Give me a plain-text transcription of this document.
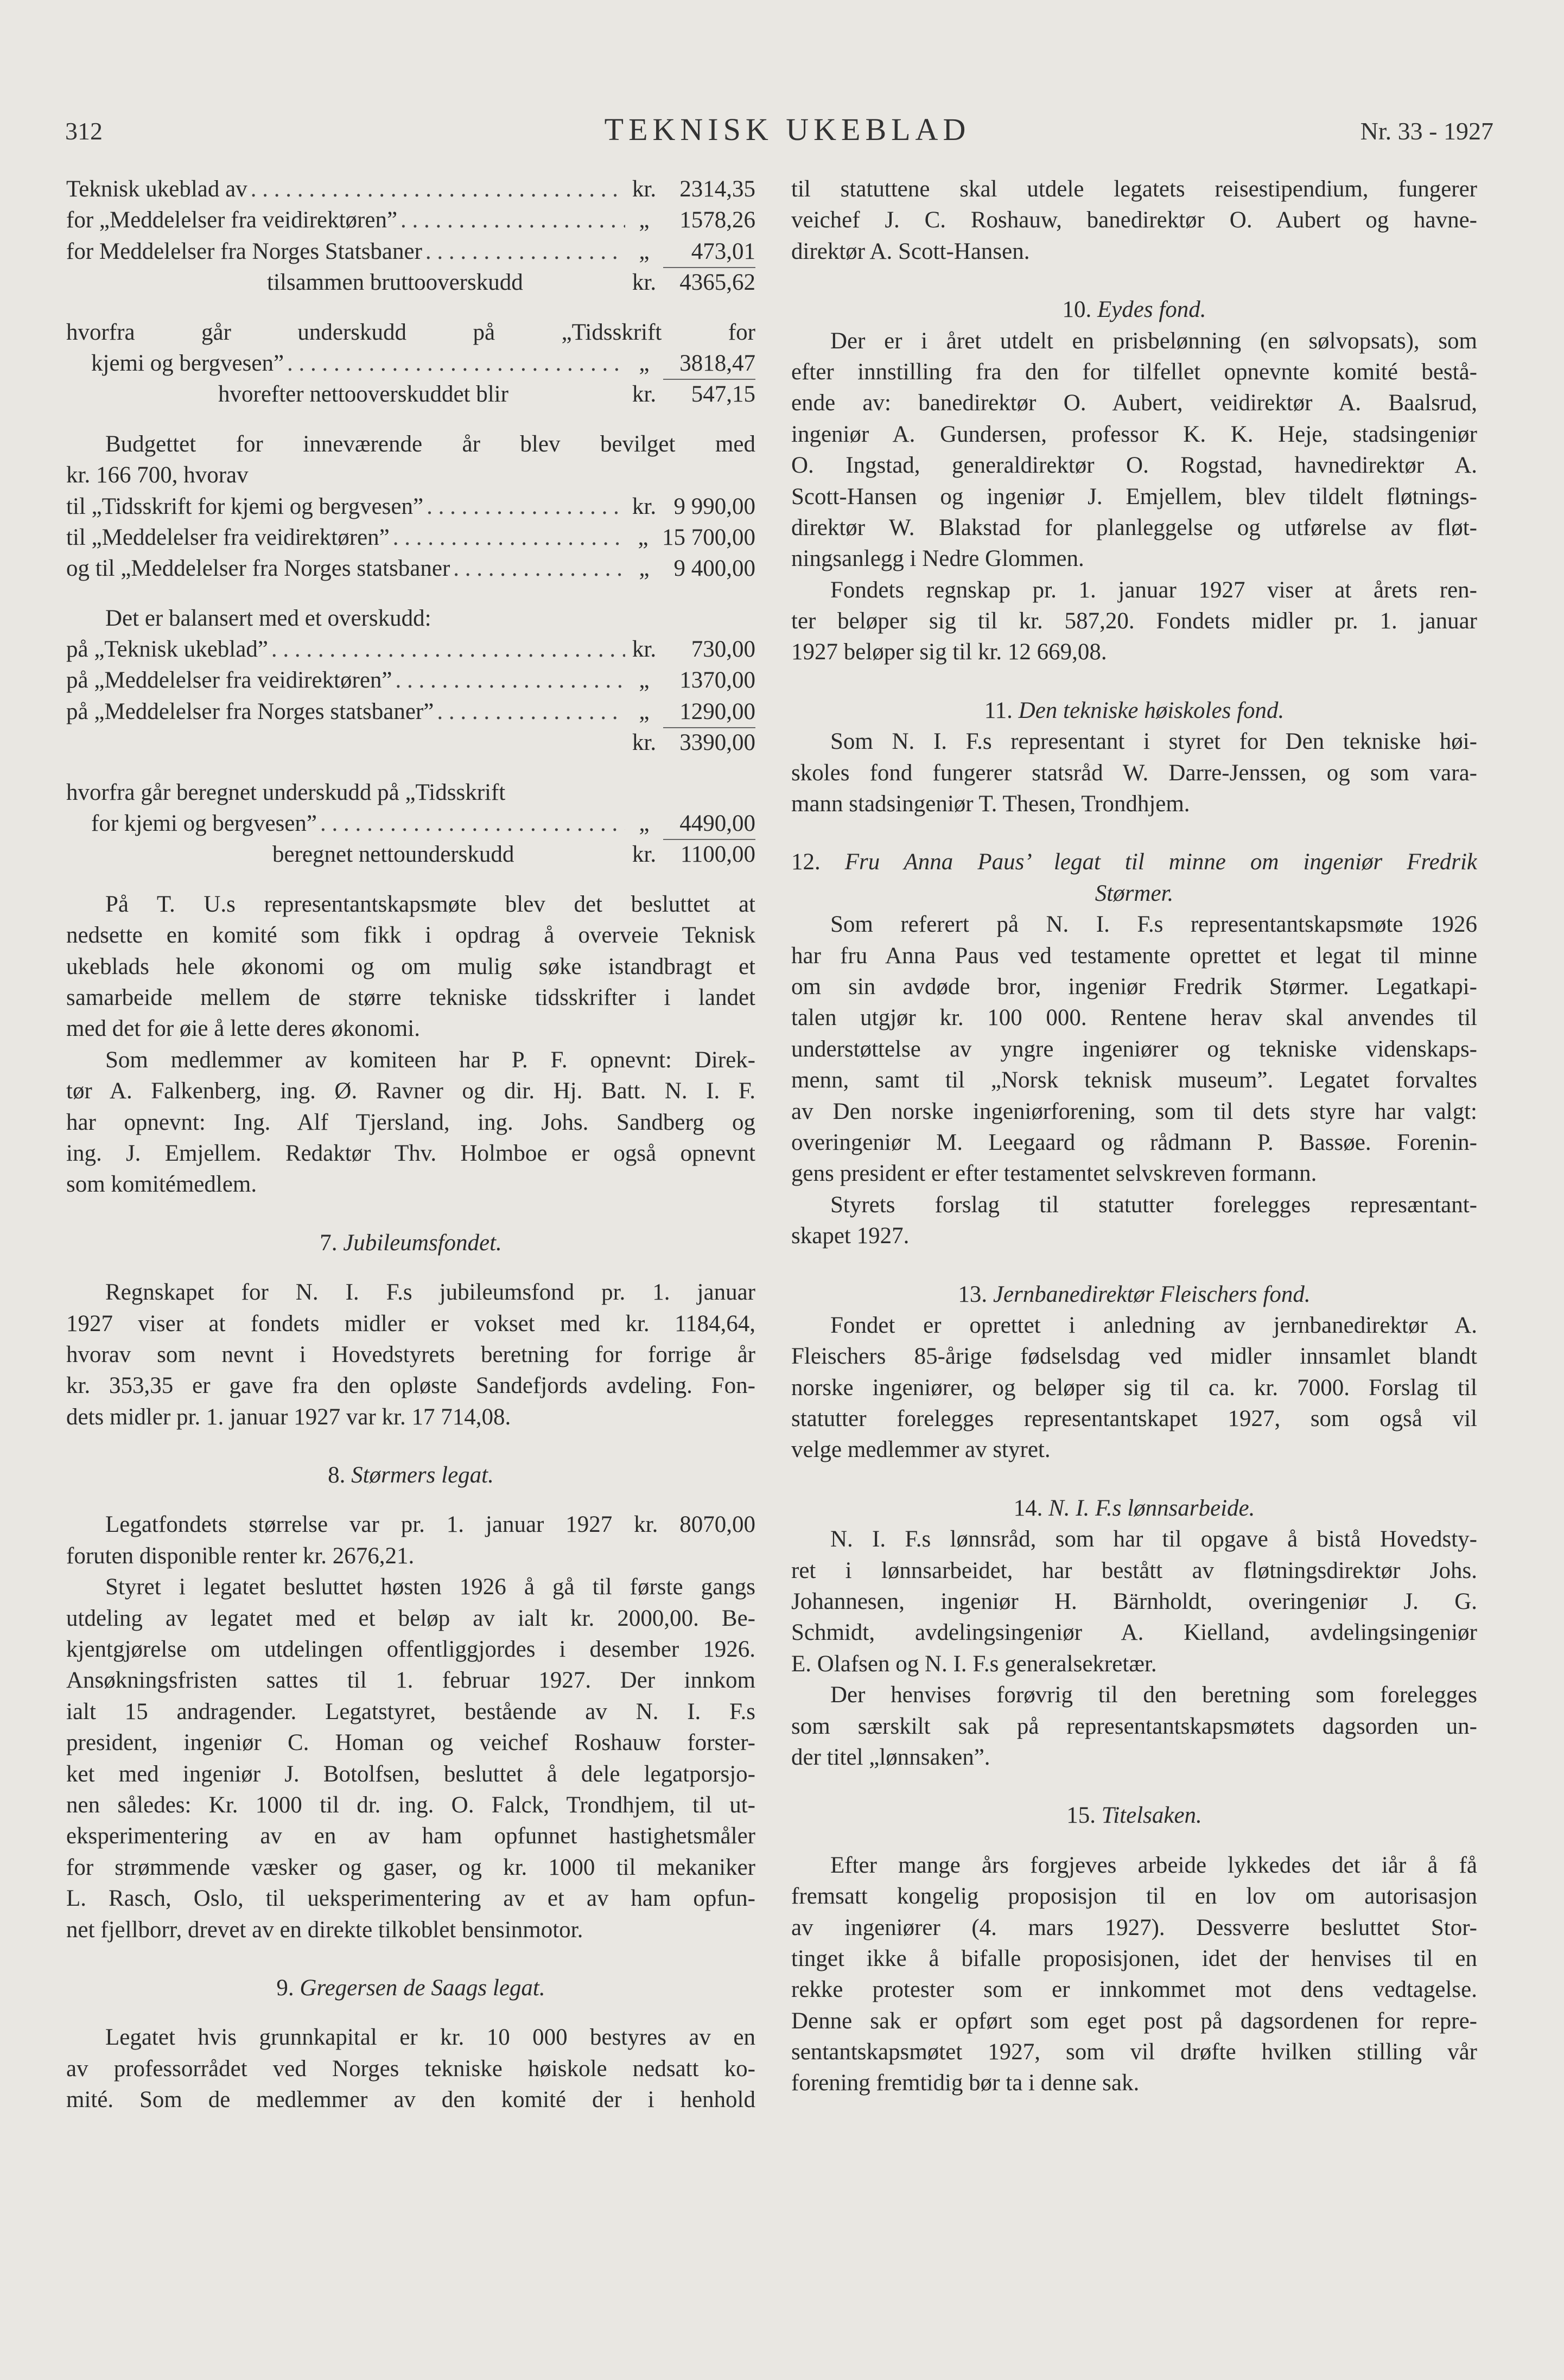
312	TEKNISK UKEBLAD	Nr. 33 - 1927
Teknisk ukeblad av . . .	kr.	2314,35
for „Meddelelser fra veidirektøren” . . .	„	1578,26
for Meddelelser fra Norges Statsbaner . . .	„	473,01
tilsammen bruttooverskudd	kr.	4365,62
hvorfra går underskudd på „Tidsskrift for
kjemi og bergvesen” . . .	„	3818,47
hvorefter nettooverskuddet blir	kr.	547,15
Budgettet for inneværende år blev bevilget med
kr. 166 700, hvorav
til „Tidsskrift for kjemi og bergvesen” . . .	kr. 9 990,00
til „Meddelelser fra veidirektøren” . . .	„ 15 700,00
og til „Meddelelser fra Norges statsbaner . . .	„	9 400,00
Det er balansert med et overskudd:
på „Teknisk ukeblad” . . .	kr.	730,00
på „Meddelelser fra veidirektøren” . . .	„	1370,00
på „Meddelelser fra Norges statsbaner” . . .	„	1290,00
kr.	3390,00
hvorfra går beregnet underskudd på „Tidsskrift
for kjemi og bergvesen” . . .	„	4490,00
beregnet nettounderskudd	kr.	1100,00
På T. U.s representantskapsmøte blev det besluttet at
nedsette en komité som fikk i opdrag å overveie Teknisk
ukeblads hele økonomi og om mulig søke istandbragt et
samarbeide mellem de større tekniske tidsskrifter i landet
med det for øie å lette deres økonomi.
Som medlemmer av komiteen har P. F. opnevnt: Direk-
tør A. Falkenberg, ing. Ø. Ravner og dir. Hj. Batt. N. I. F.
har opnevnt: Ing. Alf Tjersland, ing. Johs. Sandberg og
ing. J. Emjellem. Redaktør Thv. Holmboe er også opnevnt
som komitémedlem.
7. Jubileumsfondet.
Regnskapet for N. I. F.s jubileumsfond pr. 1. januar
1927 viser at fondets midler er vokset med kr. 1184,64,
hvorav som nevnt i Hovedstyrets beretning for forrige år
kr. 353,35 er gave fra den opløste Sandefjords avdeling. Fon-
dets midler pr. 1. januar 1927 var kr. 17 714,08.
8. Størmers legat.
Legatfondets størrelse var pr. 1. januar 1927 kr. 8070,00
foruten disponible renter kr. 2676,21.
Styret i legatet besluttet høsten 1926 å gå til første gangs
utdeling av legatet med et beløp av ialt kr. 2000,00. Be-
kjentgjørelse om utdelingen offentliggjordes i desember 1926.
Ansøkningsfristen sattes til 1. februar 1927. Der innkom
ialt 15 andragender. Legatstyret, bestående av N. I. F.s
president, ingeniør C. Homan og veichef Roshauw forster-
ket med ingeniør J. Botolfsen, besluttet å dele legatporsjo-
nen således: Kr. 1000 til dr. ing. O. Falck, Trondhjem, til ut-
eksperimentering av en av ham opfunnet hastighetsmåler
for strømmende væsker og gaser, og kr. 1000 til mekaniker
L. Rasch, Oslo, til ueksperimentering av et av ham opfun-
net fjellborr, drevet av en direkte tilkoblet bensinmotor.
9. Gregersen de Saags legat.
Legatet hvis grunnkapital er kr. 10 000 bestyres av en
av professorrådet ved Norges tekniske høiskole nedsatt ko-
mité. Som de medlemmer av den komité der i henhold
til statuttene skal utdele legatets reisestipendium, fungerer
veichef J. C. Roshauw, banedirektør O. Aubert og havne-
direktør A. Scott-Hansen.
10. Eydes fond.
Der er i året utdelt en prisbelønning (en sølvopsats), som
efter innstilling fra den for tilfellet opnevnte komité bestå-
ende av: banedirektør O. Aubert, veidirektør A. Baalsrud,
ingeniør A. Gundersen, professor K. K. Heje, stadsingeniør
O. Ingstad, generaldirektør O. Rogstad, havnedirektør A.
Scott-Hansen og ingeniør J. Emjellem, blev tildelt fløtnings-
direktør W. Blakstad for planleggelse og utførelse av fløt-
ningsanlegg i Nedre Glommen.
Fondets regnskap pr. 1. januar 1927 viser at årets ren-
ter beløper sig til kr. 587,20. Fondets midler pr. 1. januar
1927 beløper sig til kr. 12 669,08.
11. Den tekniske høiskoles fond.
Som N. I. F.s representant i styret for Den tekniske høi-
skoles fond fungerer statsråd W. Darre-Jenssen, og som vara-
mann stadsingeniør T. Thesen, Trondhjem.
12. Fru Anna Paus’ legat til minne om ingeniør Fredrik
Størmer.
Som referert på N. I. F.s representantskapsmøte 1926
har fru Anna Paus ved testamente oprettet et legat til minne
om sin avdøde bror, ingeniør Fredrik Størmer. Legatkapi-
talen utgjør kr. 100 000. Rentene herav skal anvendes til
understøttelse av yngre ingeniører og tekniske videnskaps-
menn, samt til „Norsk teknisk museum”. Legatet forvaltes
av Den norske ingeniørforening, som til dets styre har valgt:
overingeniør M. Leegaard og rådmann P. Bassøe. Forenin-
gens president er efter testamentet selvskreven formann.
Styrets forslag til statutter forelegges represæntant-
skapet 1927.
13. Jernbanedirektør Fleischers fond.
Fondet er oprettet i anledning av jernbanedirektør A.
Fleischers 85-årige fødselsdag ved midler innsamlet blandt
norske ingeniører, og beløper sig til ca. kr. 7000. Forslag til
statutter forelegges representantskapet 1927, som også vil
velge medlemmer av styret.
14. N. I. F.s lønnsarbeide.
N. I. F.s lønnsråd, som har til opgave å bistå Hovedsty-
ret i lønnsarbeidet, har bestått av fløtningsdirektør Johs.
Johannesen, ingeniør H. Bärnholdt, overingeniør J. G.
Schmidt, avdelingsingeniør A. Kielland, avdelingsingeniør
E. Olafsen og N. I. F.s generalsekretær.
Der henvises forøvrig til den beretning som forelegges
som særskilt sak på representantskapsmøtets dagsorden un-
der titel „lønnsaken”.
15. Titelsaken.
Efter mange års forgjeves arbeide lykkedes det iår å få
fremsatt kongelig proposisjon til en lov om autorisasjon
av ingeniører (4. mars 1927). Dessverre besluttet Stor-
tinget ikke å bifalle proposisjonen, idet der henvises til en
rekke protester som er innkommet mot dens vedtagelse.
Denne sak er opført som eget post på dagsordenen for repre-
sentantskapsmøtet 1927, som vil drøfte hvilken stilling vår
forening fremtidig bør ta i denne sak.
